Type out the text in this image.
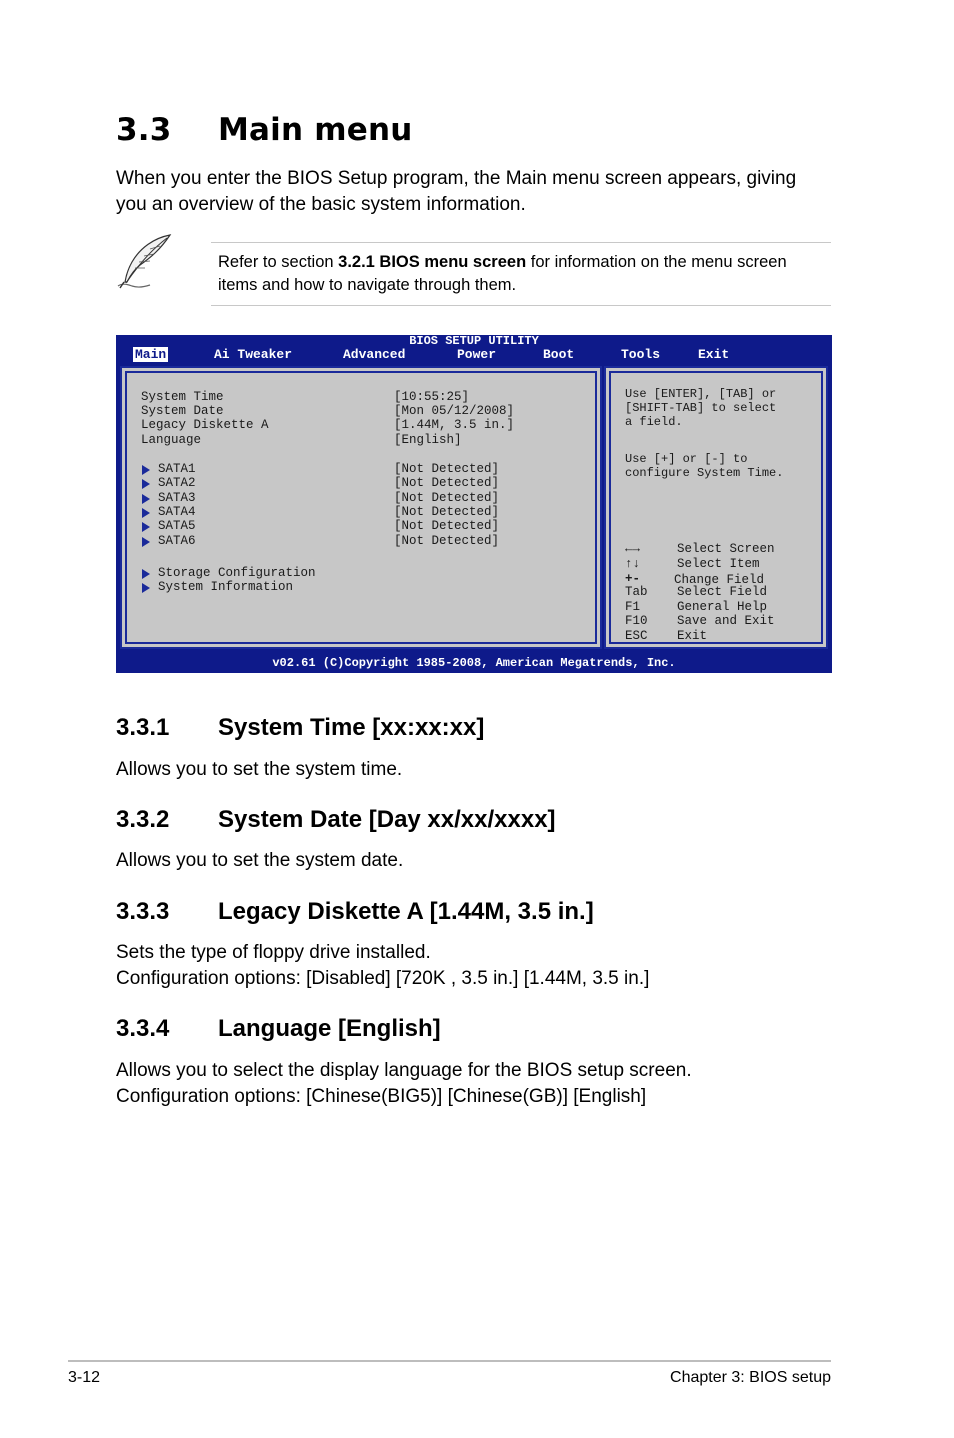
3.3 Main menu
When you enter the BIOS Setup program, the Main menu screen appears, giving
you an overview of the basic system information.
Refer to section 3.2.1 BIOS menu screen for information on the menu screen
items and how to navigate through them.
BIOS SETUP UTILITY
Main	Ai Tweaker	Advanced	Power	Boot	Tools	Exit
System Time	[10:55:25]
System Date	[Mon 05/12/2008]
Legacy Diskette A	[1.44M, 3.5 in.]
Language	[English]
SATA1	[Not Detected]
SATA2	[Not Detected]
SATA3	[Not Detected]
SATA4	[Not Detected]
SATA5	[Not Detected]
SATA6	[Not Detected]
Storage Configuration
System Information
Use [ENTER], [TAB] or
[SHIFT-TAB] to select
a field.
Use [+] or [-] to
configure System Time.
←→	Select Screen
↑↓	Select Item
+-	Change Field
Tab Select Field
F1	General Help
F10 Save and Exit
ESC Exit
v02.61 (C)Copyright 1985-2008, American Megatrends, Inc.
3.3.1 System Time [xx:xx:xx]
Allows you to set the system time.
3.3.2 System Date [Day xx/xx/xxxx]
Allows you to set the system date.
3.3.3 Legacy Diskette A [1.44M, 3.5 in.]
Sets the type of floppy drive installed.
Configuration options: [Disabled] [720K , 3.5 in.] [1.44M, 3.5 in.]
3.3.4 Language [English]
Allows you to select the display language for the BIOS setup screen.
Configuration options: [Chinese(BIG5)] [Chinese(GB)] [English]
3-12	Chapter 3: BIOS setup
